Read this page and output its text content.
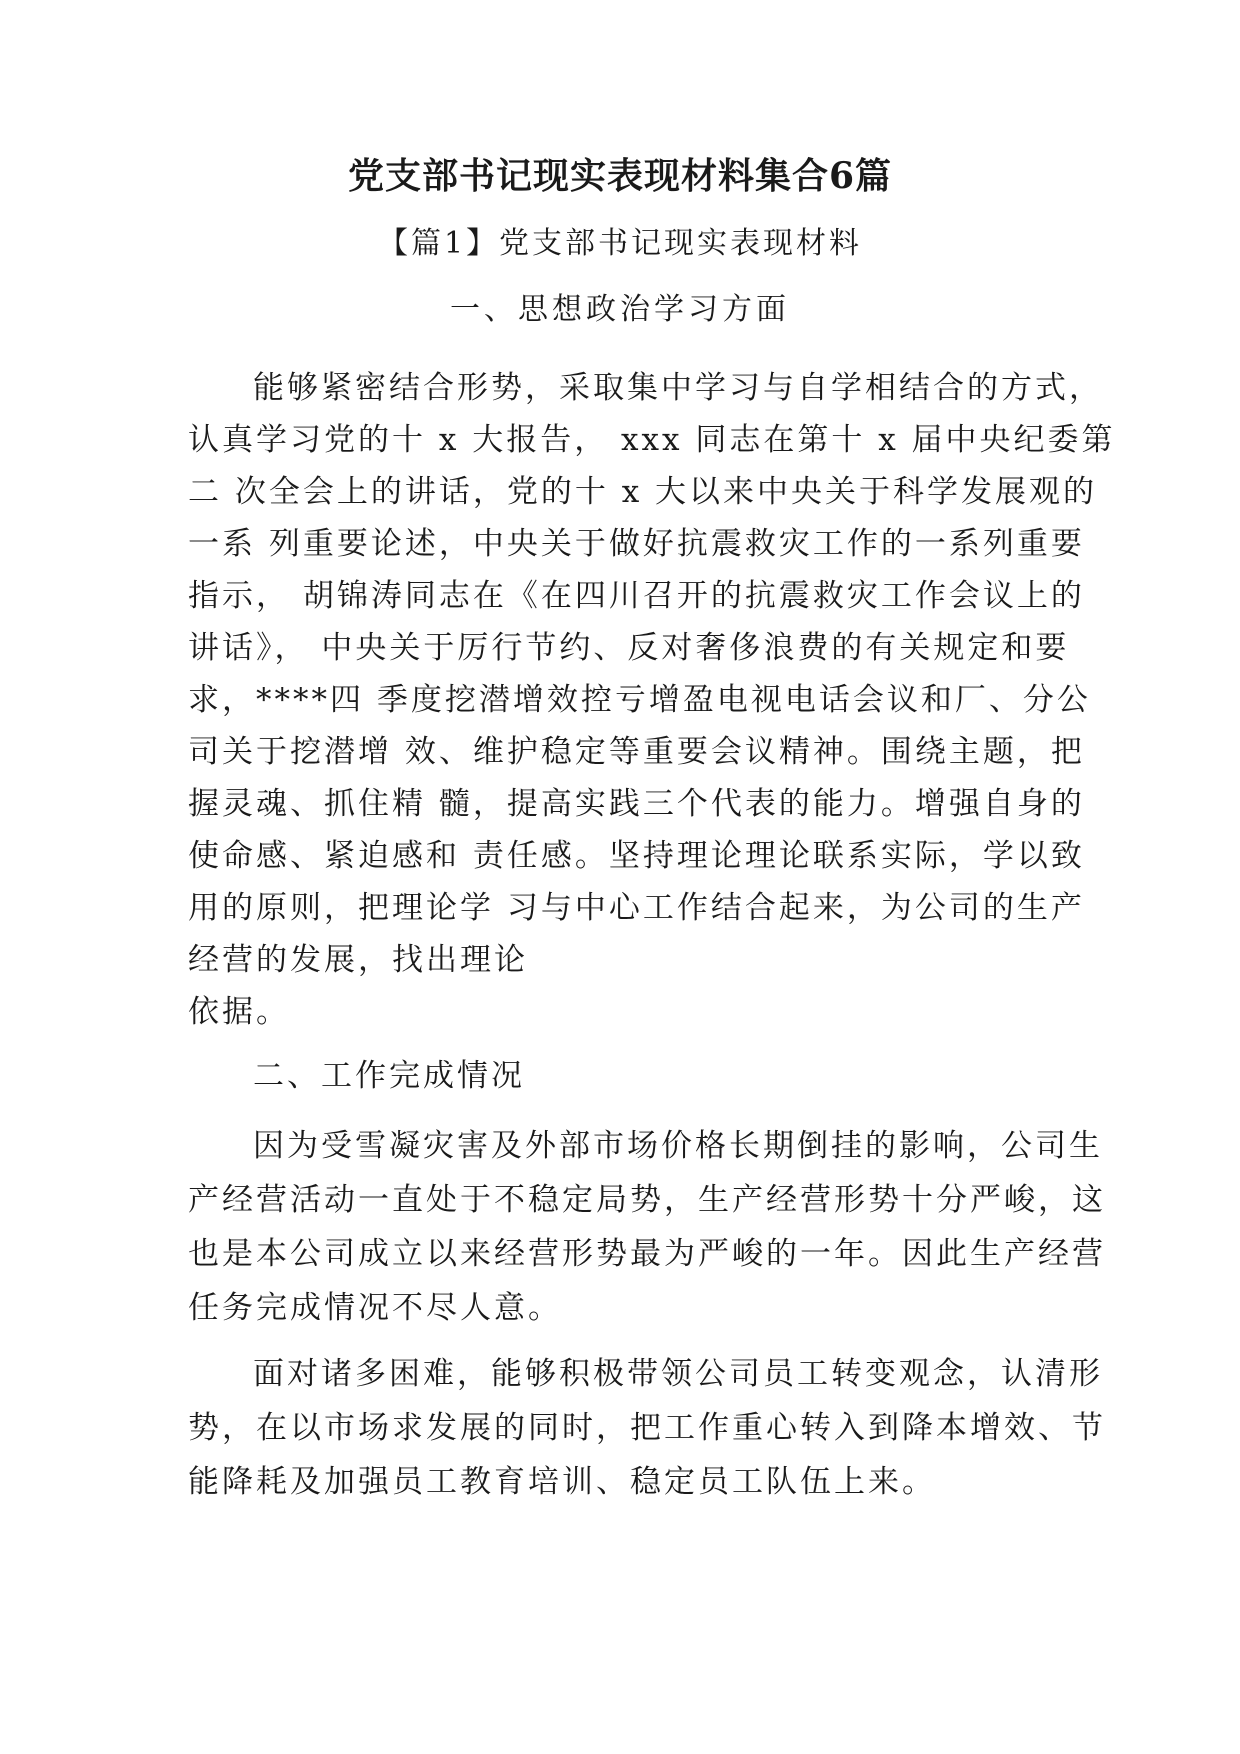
党支部书记现实表现材料集合6篇
【篇1】党支部书记现实表现材料
一、思想政治学习方面
能够紧密结合形势，采取集中学习与自学相结合的方式，
认真学习党的十 x 大报告， xxx 同志在第十 x 届中央纪委第
二 次全会上的讲话，党的十 x 大以来中央关于科学发展观的
一系 列重要论述，中央关于做好抗震救灾工作的一系列重要
指示， 胡锦涛同志在《在四川召开的抗震救灾工作会议上的
讲话》， 中央关于厉行节约、反对奢侈浪费的有关规定和要
求，****四 季度挖潜增效控亏增盈电视电话会议和厂、分公
司关于挖潜增 效、维护稳定等重要会议精神。围绕主题，把
握灵魂、抓住精 髓，提高实践三个代表的能力。增强自身的
使命感、紧迫感和 责任感。坚持理论理论联系实际，学以致
用的原则，把理论学 习与中心工作结合起来，为公司的生产
经营的发展，找出理论
依据。
二、工作完成情况
因为受雪凝灾害及外部市场价格长期倒挂的影响，公司生
产经营活动一直处于不稳定局势，生产经营形势十分严峻，这
也是本公司成立以来经营形势最为严峻的一年。因此生产经营
任务完成情况不尽人意。
面对诸多困难，能够积极带领公司员工转变观念，认清形
势，在以市场求发展的同时，把工作重心转入到降本增效、节
能降耗及加强员工教育培训、稳定员工队伍上来。
